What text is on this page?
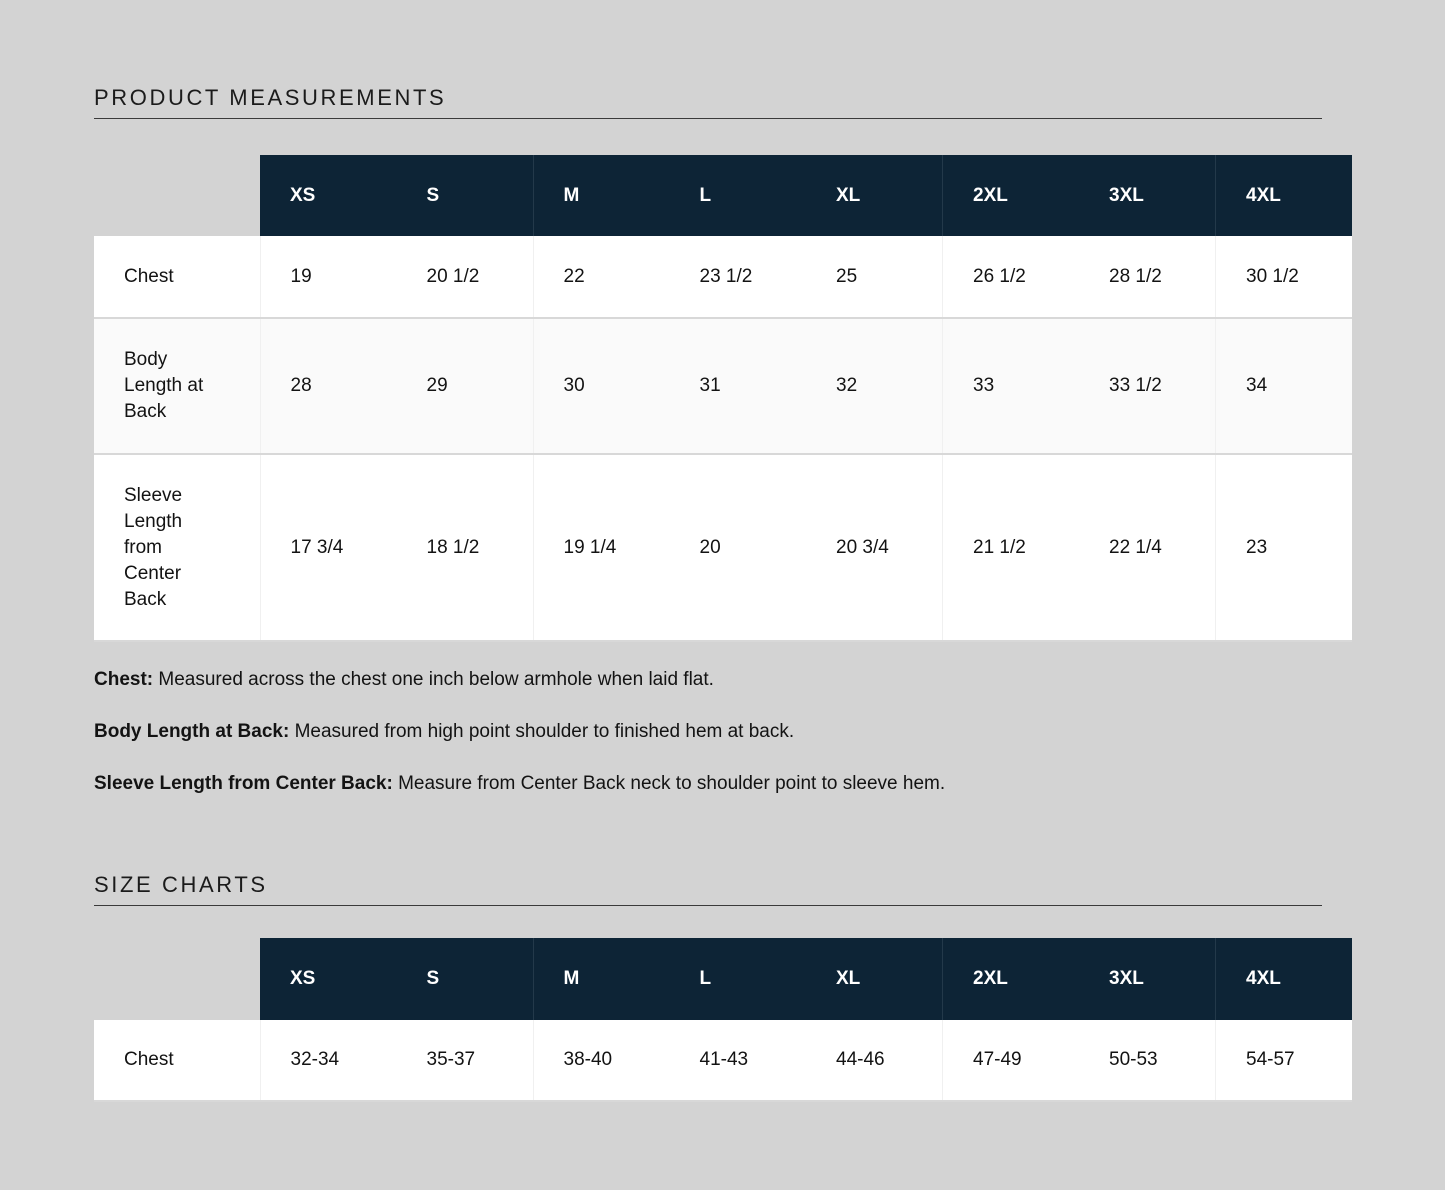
PRODUCT MEASUREMENTS
	XS	S	M	L	XL	2XL	3XL	4XL
Chest	19	20 1/2	22	23 1/2	25	26 1/2	28 1/2	30 1/2
Body Length at Back	28	29	30	31	32	33	33 1/2	34
Sleeve Length from Center Back	17 3/4	18 1/2	19 1/4	20	20 3/4	21 1/2	22 1/4	23

Chest: Measured across the chest one inch below armhole when laid flat.

Body Length at Back: Measured from high point shoulder to finished hem at back.

Sleeve Length from Center Back: Measure from Center Back neck to shoulder point to sleeve hem.

SIZE CHARTS
	XS	S	M	L	XL	2XL	3XL	4XL
Chest	32-34	35-37	38-40	41-43	44-46	47-49	50-53	54-57
